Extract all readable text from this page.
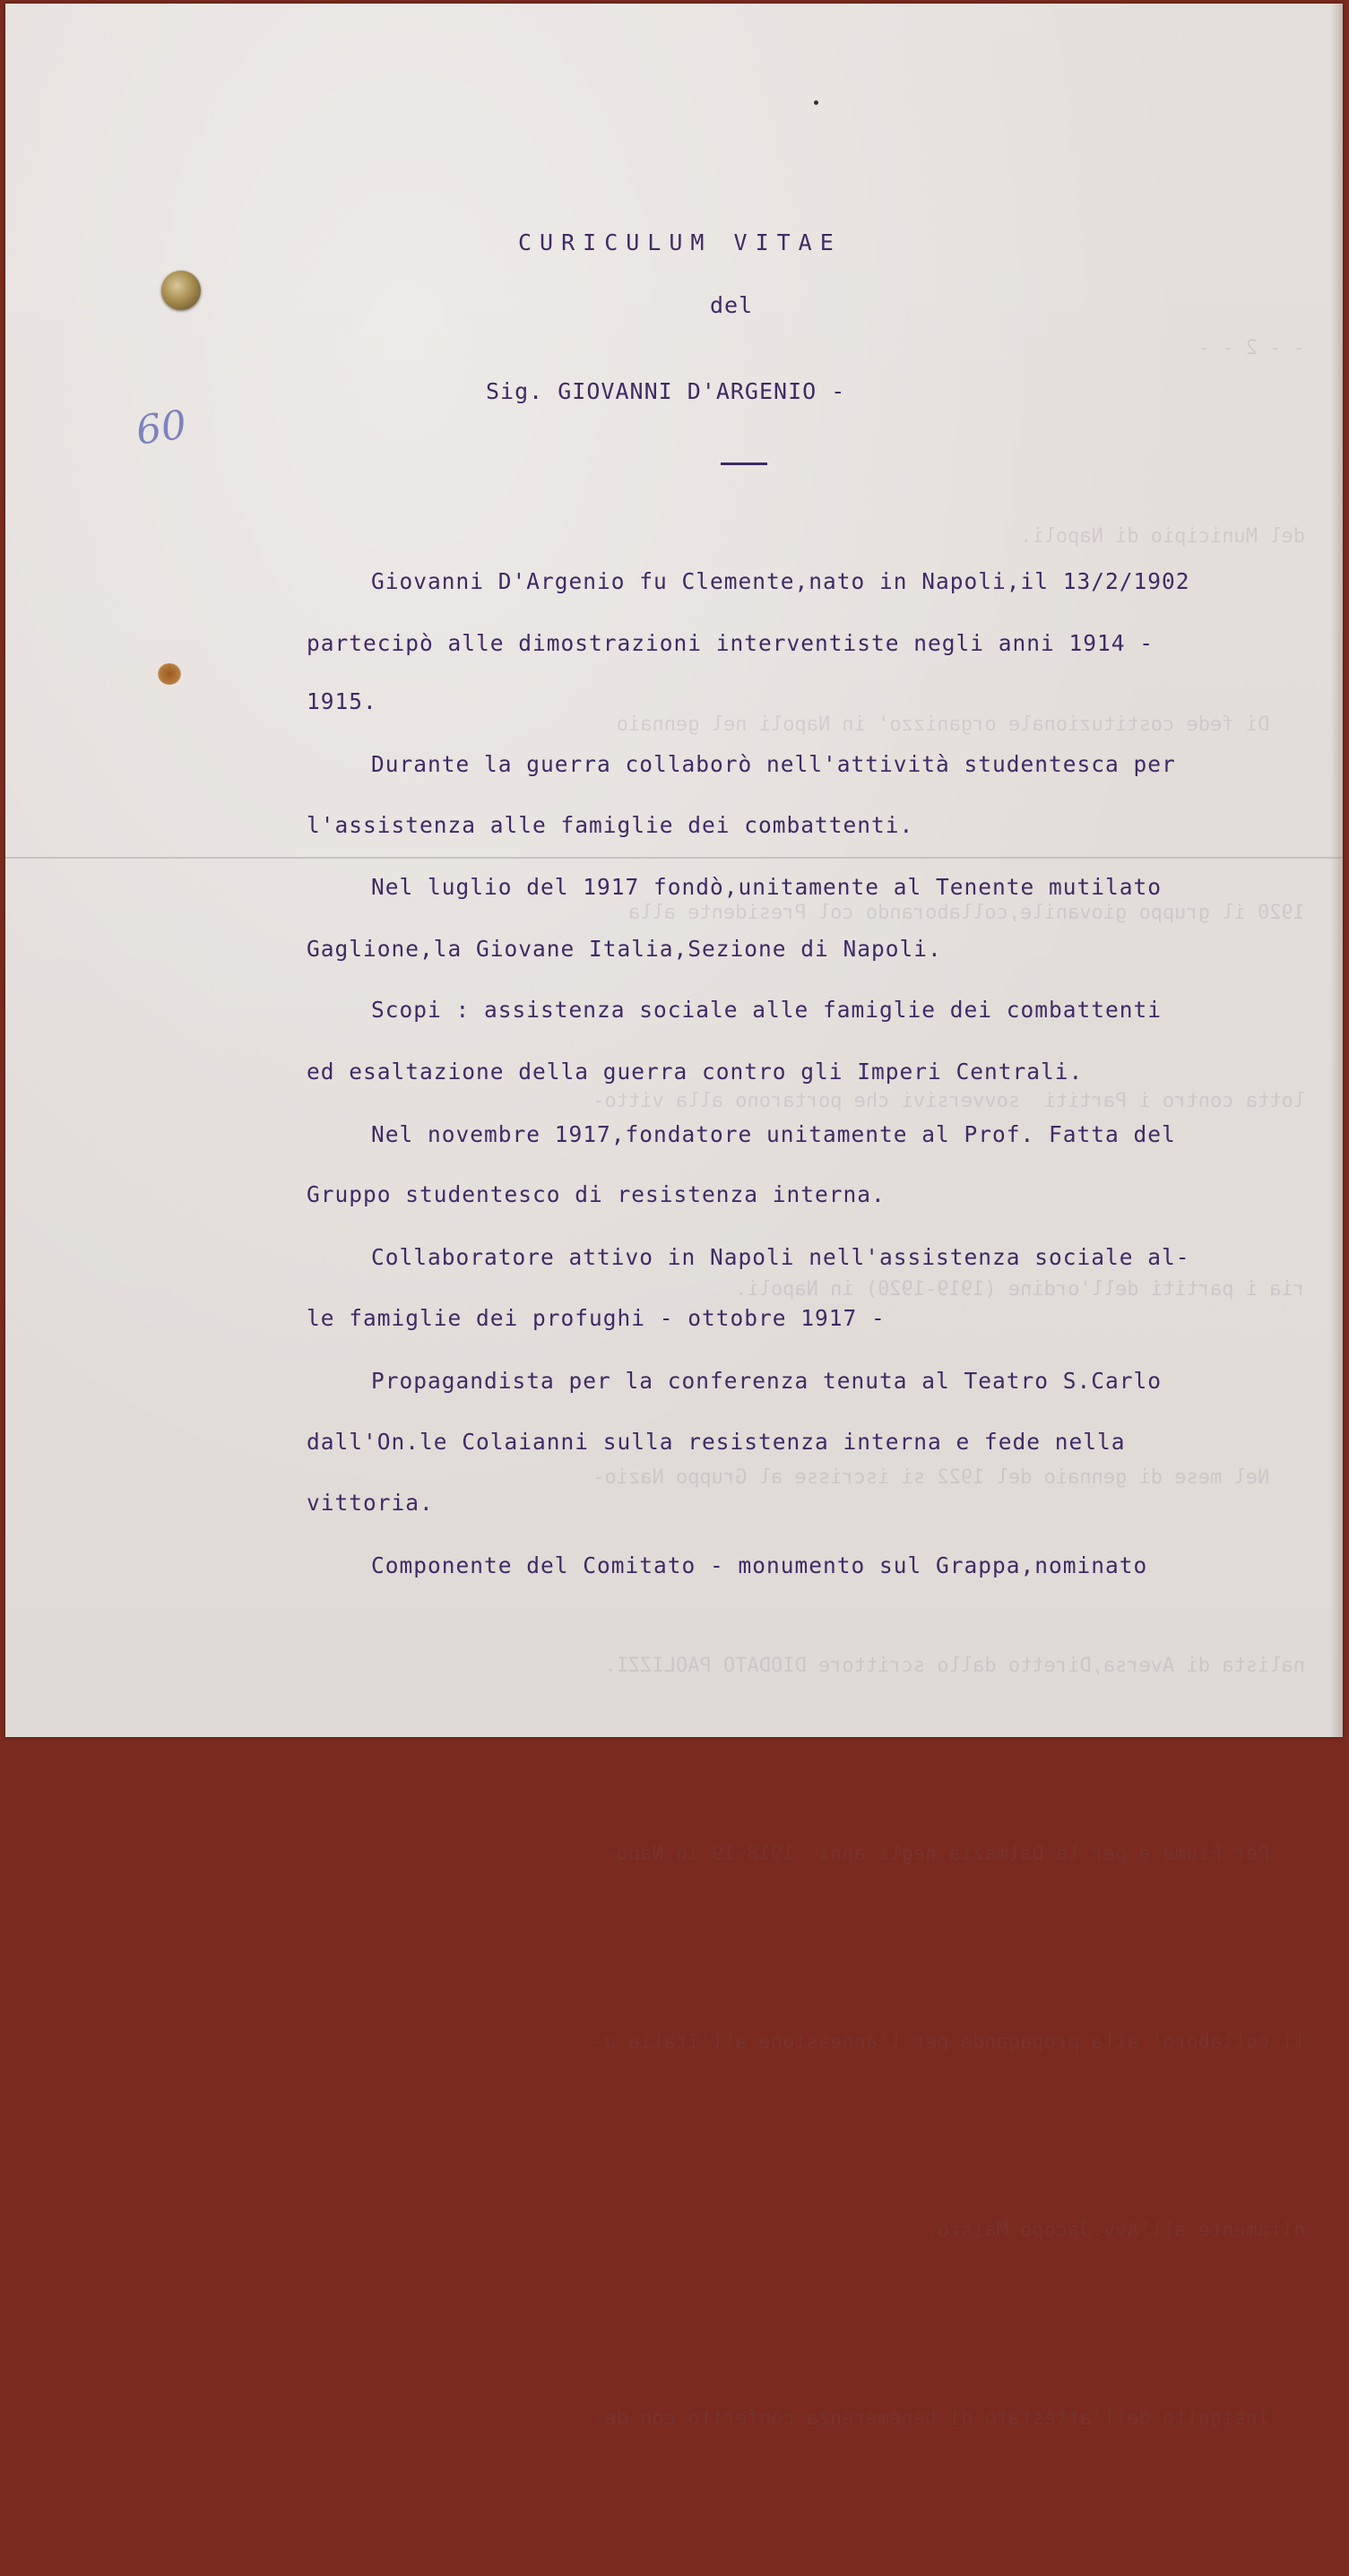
- - 2 - -

del Municipio di Napoli.

Di fede costituzionale organizzo' in Napoli nel gennaio

1920 il gruppo giovanile,collaborando col Presidente alla

lotta contro i Partiti  sovversivi che portarono alla vitto-

ria i partiti dell'ordine (1919-1920) in Napoli.

Nel mese di gennaio del 1922 si iscrisse al Gruppo Nazio-

nalista di Aversa,Diretto dallo scrittore DIODATO PAOLIZZI.

Per Fiume e per la Dalmazia negli anni  1918-19 in Napo-

li collaboro' alla propaganda per l'annessione all'Italia u-

nitamente all'Avv.Jacopo Maisto.

Insignito dell'attestato di benemerenza conferito con de-

60
CURICULUM VITAE
del
Sig. GIOVANNI D'ARGENIO -
Giovanni D'Argenio fu Clemente,nato in Napoli,il 13/2/1902
partecipò alle dimostrazioni interventiste negli anni 1914 -
1915.
Durante la guerra collaborò nell'attività studentesca per
l'assistenza alle famiglie dei combattenti.
Nel luglio del 1917 fondò,unitamente al Tenente mutilato
Gaglione,la Giovane Italia,Sezione di Napoli.
Scopi : assistenza sociale alle famiglie dei combattenti
ed esaltazione della guerra contro gli Imperi Centrali.
Nel novembre 1917,fondatore unitamente al Prof. Fatta del
Gruppo studentesco di resistenza interna.
Collaboratore attivo in Napoli nell'assistenza sociale al-
le famiglie dei profughi - ottobre 1917 -
Propagandista per la conferenza tenuta al Teatro S.Carlo
dall'On.le Colaianni sulla resistenza interna e fede nella
vittoria.
Componente del Comitato - monumento sul Grappa,nominato
